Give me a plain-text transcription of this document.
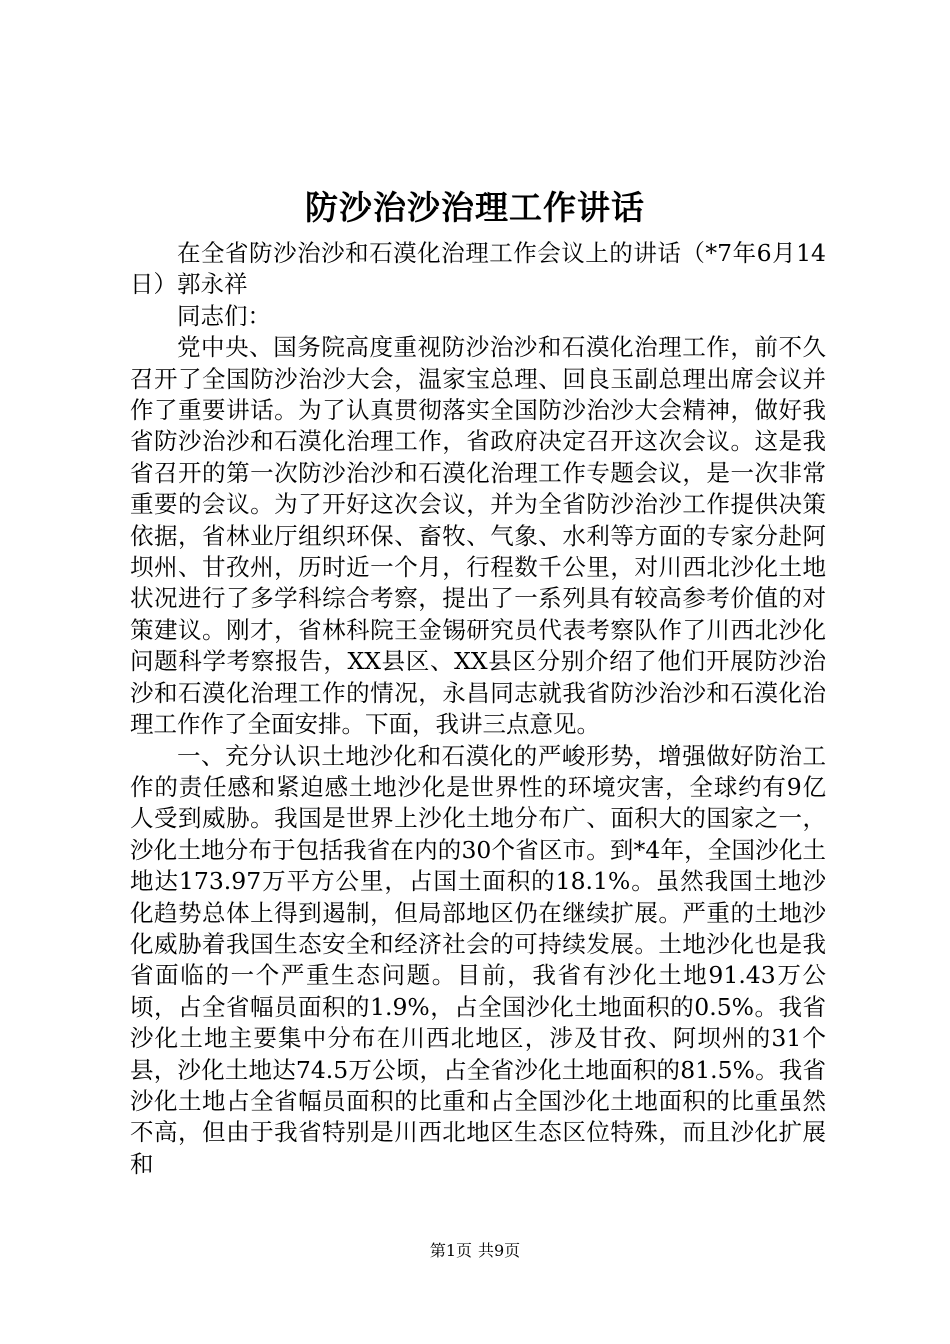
防沙治沙治理工作讲话

在全省防沙治沙和石漠化治理工作会议上的讲话（*7年6月14日）郭永祥

同志们：

党中央、国务院高度重视防沙治沙和石漠化治理工作，前不久召开了全国防沙治沙大会，温家宝总理、回良玉副总理出席会议并作了重要讲话。为了认真贯彻落实全国防沙治沙大会精神，做好我省防沙治沙和石漠化治理工作，省政府决定召开这次会议。这是我省召开的第一次防沙治沙和石漠化治理工作专题会议，是一次非常重要的会议。为了开好这次会议，并为全省防沙治沙工作提供决策依据，省林业厅组织环保、畜牧、气象、水利等方面的专家分赴阿坝州、甘孜州，历时近一个月，行程数千公里，对川西北沙化土地状况进行了多学科综合考察，提出了一系列具有较高参考价值的对策建议。刚才，省林科院王金锡研究员代表考察队作了川西北沙化问题科学考察报告，XX县区、XX县区分别介绍了他们开展防沙治沙和石漠化治理工作的情况，永昌同志就我省防沙治沙和石漠化治理工作作了全面安排。下面，我讲三点意见。

一、充分认识土地沙化和石漠化的严峻形势，增强做好防治工作的责任感和紧迫感土地沙化是世界性的环境灾害，全球约有9亿人受到威胁。我国是世界上沙化土地分布广、面积大的国家之一，沙化土地分布于包括我省在内的30个省区市。到*4年，全国沙化土地达173.97万平方公里，占国土面积的18.1%。虽然我国土地沙化趋势总体上得到遏制，但局部地区仍在继续扩展。严重的土地沙化威胁着我国生态安全和经济社会的可持续发展。土地沙化也是我省面临的一个严重生态问题。目前，我省有沙化土地91.43万公顷，占全省幅员面积的1.9%，占全国沙化土地面积的0.5%。我省沙化土地主要集中分布在川西北地区，涉及甘孜、阿坝州的31个县，沙化土地达74.5万公顷，占全省沙化土地面积的81.5%。我省沙化土地占全省幅员面积的比重和占全国沙化土地面积的比重虽然不高，但由于我省特别是川西北地区生态区位特殊，而且沙化扩展和

第1页 共9页
